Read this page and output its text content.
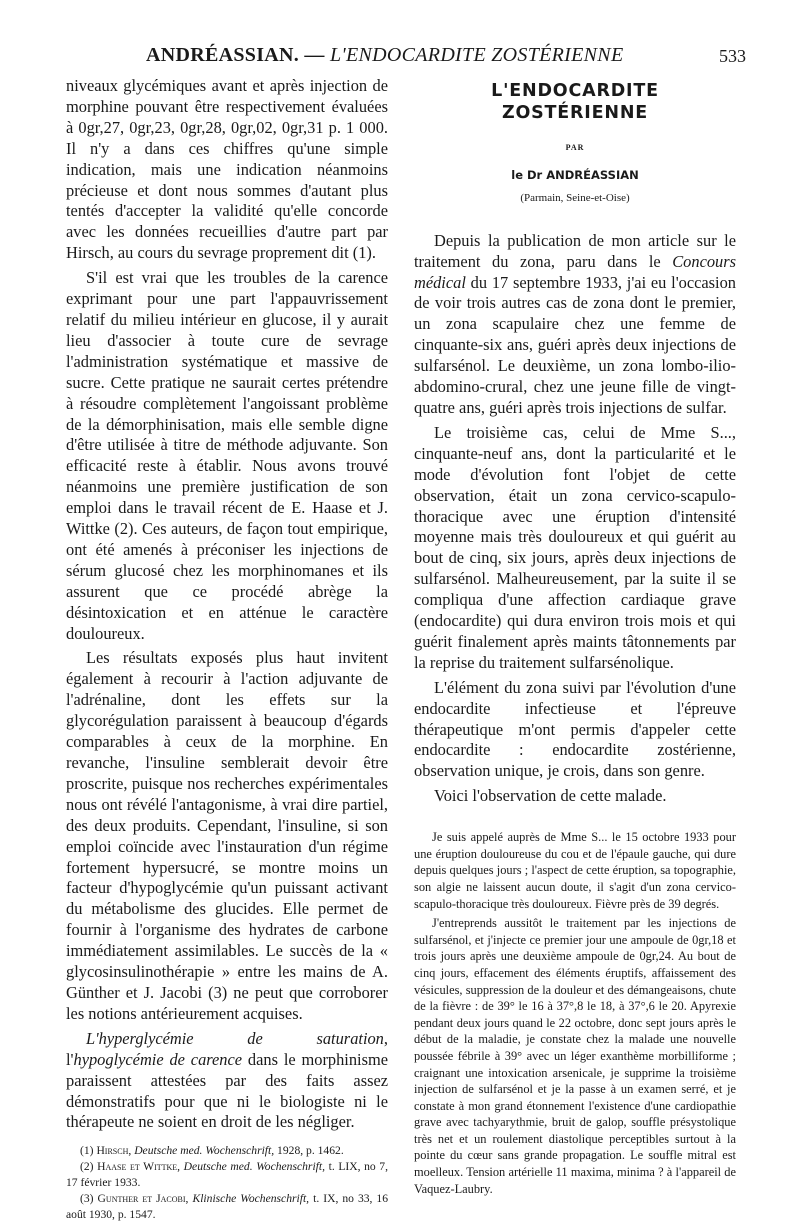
ANDRÉASSIAN. — L'ENDOCARDITE ZOSTÉRIENNE	533

niveaux glycémiques avant et après injection de morphine pouvant être respectivement évaluées à 0gr,27, 0gr,23, 0gr,28, 0gr,02, 0gr,31 p. 1 000. Il n'y a dans ces chiffres qu'une simple indication, mais une indication néanmoins précieuse et dont nous sommes d'autant plus tentés d'accepter la validité qu'elle concorde avec les données recueillies d'autre part par Hirsch, au cours du sevrage proprement dit (1).

S'il est vrai que les troubles de la carence exprimant pour une part l'appauvrissement relatif du milieu intérieur en glucose, il y aurait lieu d'associer à toute cure de sevrage l'administration systématique et massive de sucre. Cette pratique ne saurait certes prétendre à résoudre complètement l'angoissant problème de la démorphinisation, mais elle semble digne d'être utilisée à titre de méthode adjuvante. Son efficacité reste à établir. Nous avons trouvé néanmoins une première justification de son emploi dans le travail récent de E. Haase et J. Wittke (2). Ces auteurs, de façon tout empirique, ont été amenés à préconiser les injections de sérum glucosé chez les morphinomanes et ils assurent que ce procédé abrège la désintoxication et en atténue le caractère douloureux.

Les résultats exposés plus haut invitent également à recourir à l'action adjuvante de l'adrénaline, dont les effets sur la glycorégulation paraissent à beaucoup d'égards comparables à ceux de la morphine. En revanche, l'insuline semblerait devoir être proscrite, puisque nos recherches expérimentales nous ont révélé l'antagonisme, à vrai dire partiel, des deux produits. Cependant, l'insuline, si son emploi coïncide avec l'instauration d'un régime fortement hypersucré, se montre moins un facteur d'hypoglycémie qu'un puissant activant du métabolisme des glucides. Elle permet de fournir à l'organisme des hydrates de carbone immédiatement assimilables. Le succès de la « glycosinsulinothérapie » entre les mains de A. Günther et J. Jacobi (3) ne peut que corroborer les notions antérieurement acquises.

L'hyperglycémie de saturation, l'hypoglycémie de carence dans le morphinisme paraissent attestées par des faits assez démonstratifs pour que ni le biologiste ni le thérapeute ne soient en droit de les négliger.

(1) Hirsch, Deutsche med. Wochenschrift, 1928, p. 1462.
(2) Haase et Wittke, Deutsche med. Wochenschrift, t. LIX, no 7, 17 février 1933.
(3) Gunther et Jacobi, Klinische Wochenschrift, t. IX, no 33, 16 août 1930, p. 1547.
L'ENDOCARDITE
ZOSTÉRIENNE
PAR
le Dr ANDRÉASSIAN
(Parmain, Seine-et-Oise)

Depuis la publication de mon article sur le traitement du zona, paru dans le Concours médical du 17 septembre 1933, j'ai eu l'occasion de voir trois autres cas de zona dont le premier, un zona scapulaire chez une femme de cinquante-six ans, guéri après deux injections de sulfarsénol. Le deuxième, un zona lombo-ilio-abdomino-crural, chez une jeune fille de vingt-quatre ans, guéri après trois injections de sulfar.

Le troisième cas, celui de Mme S..., cinquante-neuf ans, dont la particularité et le mode d'évolution font l'objet de cette observation, était un zona cervico-scapulo-thoracique avec une éruption d'intensité moyenne mais très douloureux et qui guérit au bout de cinq, six jours, après deux injections de sulfarsénol. Malheureusement, par la suite il se compliqua d'une affection cardiaque grave (endocardite) qui dura environ trois mois et qui guérit finalement après maints tâtonnements par la reprise du traitement sulfarsénolique.

L'élément du zona suivi par l'évolution d'une endocardite infectieuse et l'épreuve thérapeutique m'ont permis d'appeler cette endocardite : endocardite zostérienne, observation unique, je crois, dans son genre.

Voici l'observation de cette malade.

Je suis appelé auprès de Mme S... le 15 octobre 1933 pour une éruption douloureuse du cou et de l'épaule gauche, qui dure depuis quelques jours ; l'aspect de cette éruption, sa topographie, son algie ne laissent aucun doute, il s'agit d'un zona cervico-scapulo-thoracique très douloureux. Fièvre près de 39 degrés.

J'entreprends aussitôt le traitement par les injections de sulfarsénol, et j'injecte ce premier jour une ampoule de 0gr,18 et trois jours après une deuxième ampoule de 0gr,24. Au bout de cinq jours, effacement des éléments éruptifs, affaissement des vésicules, suppression de la douleur et des démangeaisons, chute de la fièvre : de 39° le 16 à 37°,8 le 18, à 37°,6 le 20. Apyrexie pendant deux jours quand le 22 octobre, donc sept jours après le début de la maladie, je constate chez la malade une nouvelle poussée fébrile à 39° avec un léger exanthème morbilliforme ; craignant une intoxication arsenicale, je supprime la troisième injection de sulfarsénol et je la passe à un examen serré, et je constate à mon grand étonnement l'existence d'une cardiopathie grave avec tachyarythmie, bruit de galop, souffle présystolique très net et un roulement diastolique perceptibles surtout à la pointe du cœur sans grande propagation. Le souffle mitral est moelleux. Tension artérielle 11 maxima, minima ? à l'appareil de Vaquez-Laubry.
